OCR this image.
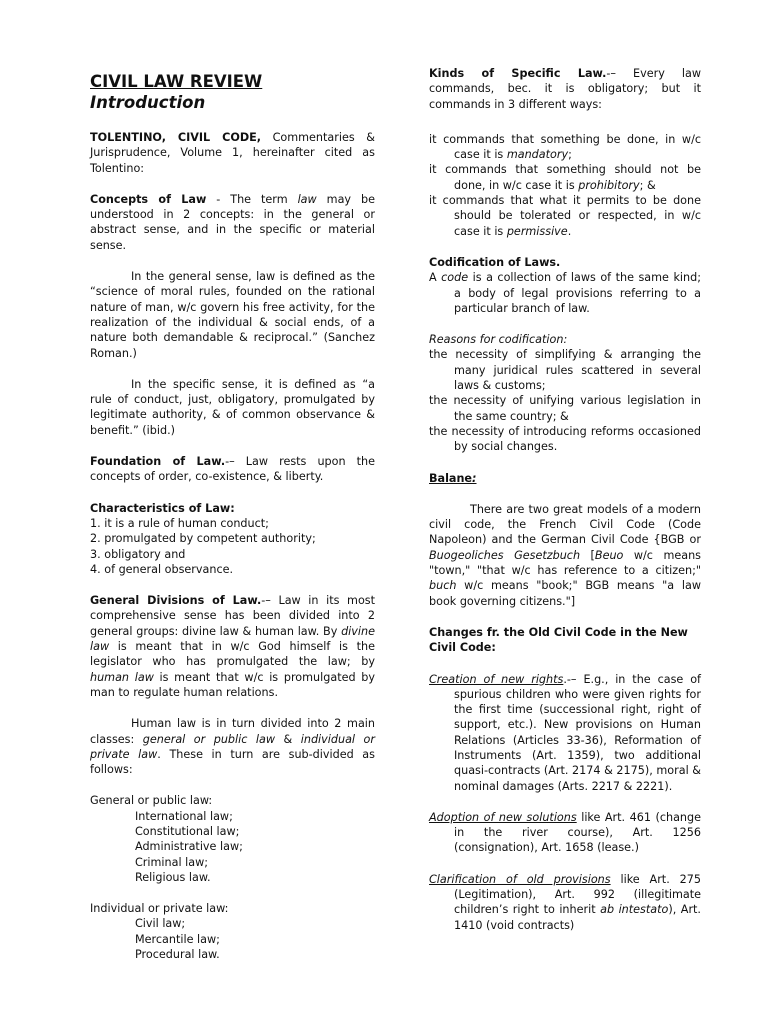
CIVIL LAW REVIEW

Introduction

TOLENTINO, CIVIL CODE, Commentaries & Jurisprudence, Volume 1, hereinafter cited as Tolentino:

Concepts of Law - The term law may be understood in 2 concepts: in the general or abstract sense, and in the specific or material sense.

In the general sense, law is defined as the “science of moral rules, founded on the rational nature of man, w/c govern his free activity, for the realization of the individual & social ends, of a nature both demandable & reciprocal.” (Sanchez Roman.)

In the specific sense, it is defined as “a rule of conduct, just, obligatory, promulgated by legitimate authority, & of common observance & benefit.” (ibid.)

Foundation of Law.-– Law rests upon the concepts of order, co-existence, & liberty.

Characteristics of Law:

1. it is a rule of human conduct;

2. promulgated by competent authority;

3. obligatory and

4. of general observance.

General Divisions of Law.-– Law in its most comprehensive sense has been divided into 2 general groups: divine law & human law. By divine law is meant that in w/c God himself is the legislator who has promulgated the law; by human law is meant that w/c is promulgated by man to regulate human relations.

Human law is in turn divided into 2 main classes: general or public law & individual or private law. These in turn are sub-divided as follows:

General or public law:

International law;

Constitutional law;

Administrative law;

Criminal law;

Religious law.

Individual or private law:

Civil law;

Mercantile law;

Procedural law.

Kinds of Specific Law.-– Every law commands, bec. it is obligatory; but it commands in 3 different ways:

it commands that something be done, in w/c case it is mandatory;

it commands that something should not be done, in w/c case it is prohibitory; &

it commands that what it permits to be done should be tolerated or respected, in w/c case it is permissive.

Codification of Laws.

A code is a collection of laws of the same kind; a body of legal provisions referring to a particular branch of law.

Reasons for codification:

the necessity of simplifying & arranging the many juridical rules scattered in several laws & customs;

the necessity of unifying various legislation in the same country; &

the necessity of introducing reforms occasioned by social changes.

Balane:

There are two great models of a modern civil code, the French Civil Code (Code Napoleon) and the German Civil Code {BGB or Buogeoliches Gesetzbuch [Beuo w/c means "town," "that w/c has reference to a citizen;" buch w/c means "book;" BGB means "a law book governing citizens."]

Changes fr. the Old Civil Code in the New Civil Code:

Creation of new rights.-– E.g., in the case of spurious children who were given rights for the first time (successional right, right of support, etc.). New provisions on Human Relations (Articles 33-36), Reformation of Instruments (Art. 1359), two additional quasi-contracts (Art. 2174 & 2175), moral & nominal damages (Arts. 2217 & 2221).

Adoption of new solutions like Art. 461 (change in the river course), Art. 1256 (consignation), Art. 1658 (lease.)

Clarification of old provisions like Art. 275 (Legitimation), Art. 992 (illegitimate children’s right to inherit ab intestato), Art. 1410 (void contracts)
